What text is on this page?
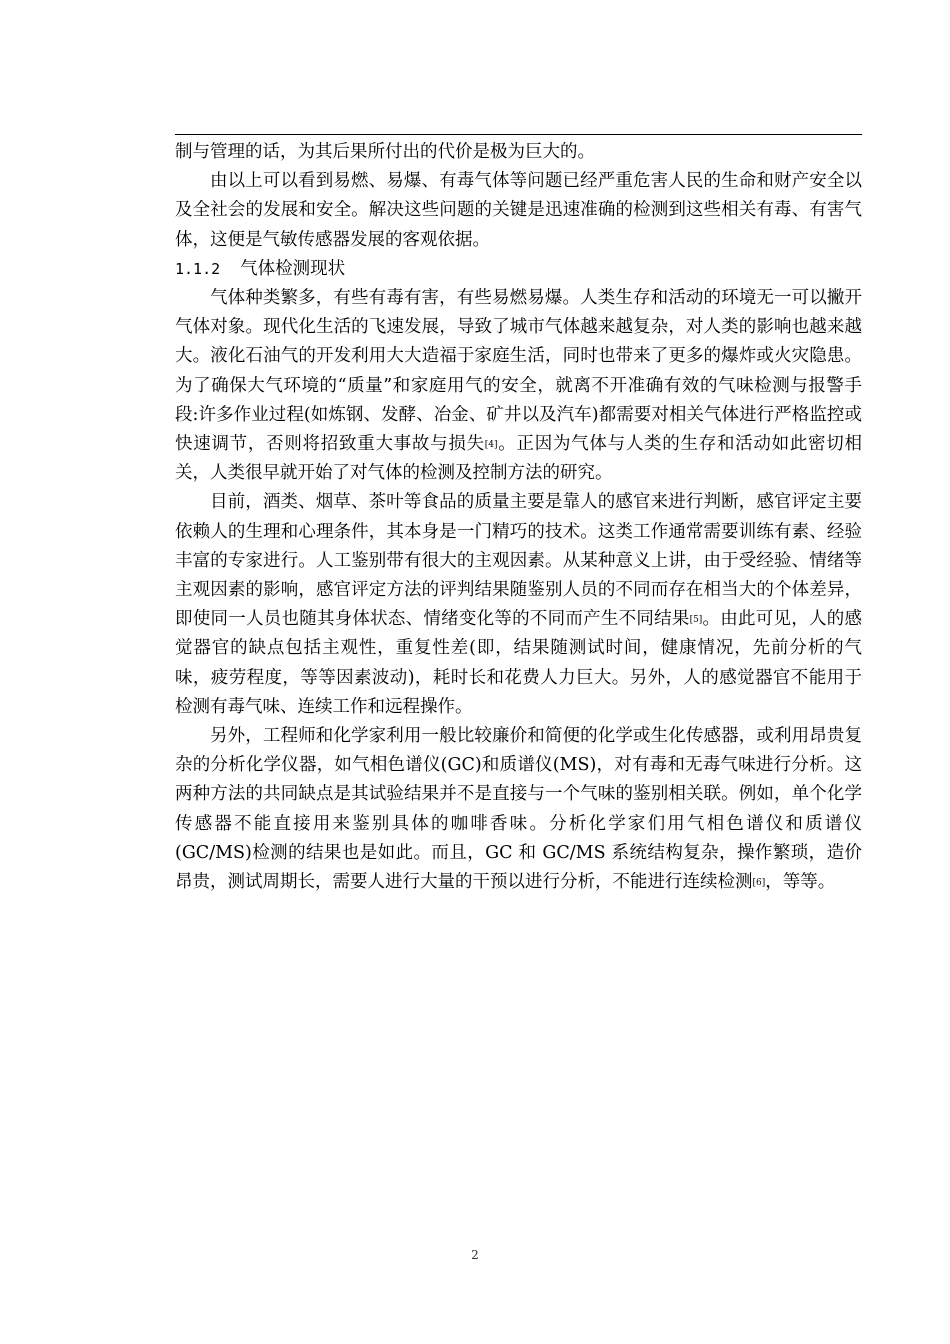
制与管理的话，为其后果所付出的代价是极为巨大的。

由以上可以看到易燃、易爆、有毒气体等问题已经严重危害人民的生命和财产安全以及全社会的发展和安全。解决这些问题的关键是迅速准确的检测到这些相关有毒、有害气体，这便是气敏传感器发展的客观依据。

1.1.2 气体检测现状

气体种类繁多，有些有毒有害，有些易燃易爆。人类生存和活动的环境无一可以撇开气体对象。现代化生活的飞速发展，导致了城市气体越来越复杂，对人类的影响也越来越大。液化石油气的开发利用大大造福于家庭生活，同时也带来了更多的爆炸或火灾隐患。为了确保大气环境的“质量”和家庭用气的安全，就离不开准确有效的气味检测与报警手段:许多作业过程(如炼钢、发酵、冶金、矿井以及汽车)都需要对相关气体进行严格监控或快速调节，否则将招致重大事故与损失[4]。正因为气体与人类的生存和活动如此密切相关，人类很早就开始了对气体的检测及控制方法的研究。

目前，酒类、烟草、茶叶等食品的质量主要是靠人的感官来进行判断，感官评定主要依赖人的生理和心理条件，其本身是一门精巧的技术。这类工作通常需要训练有素、经验丰富的专家进行。人工鉴别带有很大的主观因素。从某种意义上讲，由于受经验、情绪等主观因素的影响，感官评定方法的评判结果随鉴别人员的不同而存在相当大的个体差异，即使同一人员也随其身体状态、情绪变化等的不同而产生不同结果[5]。由此可见，人的感觉器官的缺点包括主观性，重复性差(即，结果随测试时间，健康情况，先前分析的气味，疲劳程度，等等因素波动)，耗时长和花费人力巨大。另外，人的感觉器官不能用于检测有毒气味、连续工作和远程操作。

另外，工程师和化学家利用一般比较廉价和简便的化学或生化传感器，或利用昂贵复杂的分析化学仪器，如气相色谱仪(GC)和质谱仪(MS)，对有毒和无毒气味进行分析。这两种方法的共同缺点是其试验结果并不是直接与一个气味的鉴别相关联。例如，单个化学传感器不能直接用来鉴别具体的咖啡香味。分析化学家们用气相色谱仪和质谱仪(GC/MS)检测的结果也是如此。而且，GC 和 GC/MS 系统结构复杂，操作繁琐，造价昂贵，测试周期长，需要人进行大量的干预以进行分析，不能进行连续检测[6]，等等。

2
